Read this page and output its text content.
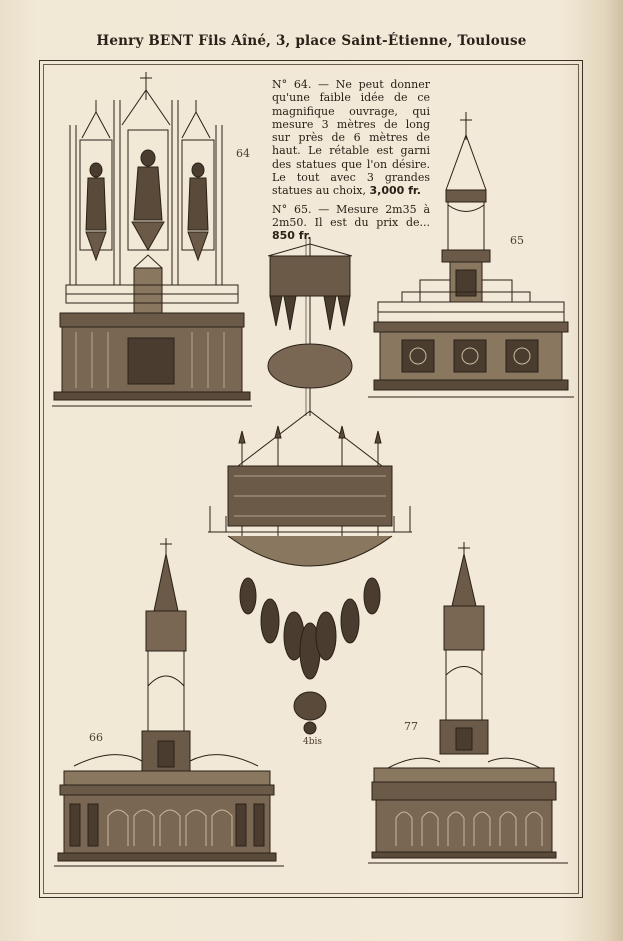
Henry BENT Fils Aîné, 3, place Saint-Étienne, Toulouse

N° 64. — Ne peut donner qu'une faible idée de ce magnifique ouvrage, qui mesure 3 mètres de long sur près de 6 mètres de haut. Le rétable est garni des statues que l'on désire. Le tout avec 3 grandes statues au choix, 3,000 fr.

N° 65. — Mesure 2m35 à 2m50. Il est du prix de... 850 fr.

64
65
66
77
4bis
